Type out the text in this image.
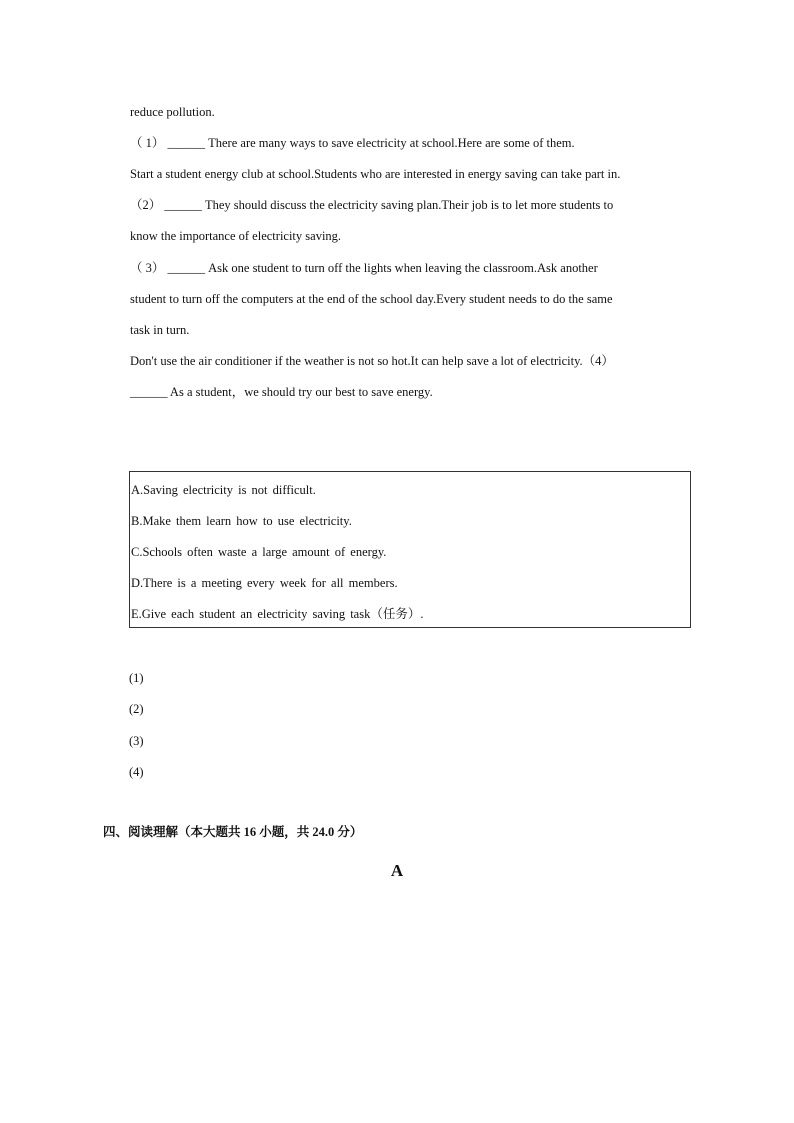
reduce pollution.
（ 1） ______ There are many ways to save electricity at school.Here are some of them.
Start a student energy club at school.Students who are interested in energy saving can take part in.
（2） ______ They should discuss the electricity saving plan.Their job is to let more students to
know the importance of electricity saving.
（ 3） ______ Ask one student to turn off the lights when leaving the classroom.Ask another
student to turn off the computers at the end of the school day.Every student needs to do the same
task in turn.
Don't use the air conditioner if the weather is not so hot.It can help save a lot of electricity.（4）
______ As a student，we should try our best to save energy.
A.Saving electricity is not difficult.
B.Make them learn how to use electricity.
C.Schools often waste a large amount of energy.
D.There is a meeting every week for all members.
E.Give each student an electricity saving task（任务）.
(1)
(2)
(3)
(4)
四、阅读理解（本大题共 16 小题，共 24.0 分）
A
